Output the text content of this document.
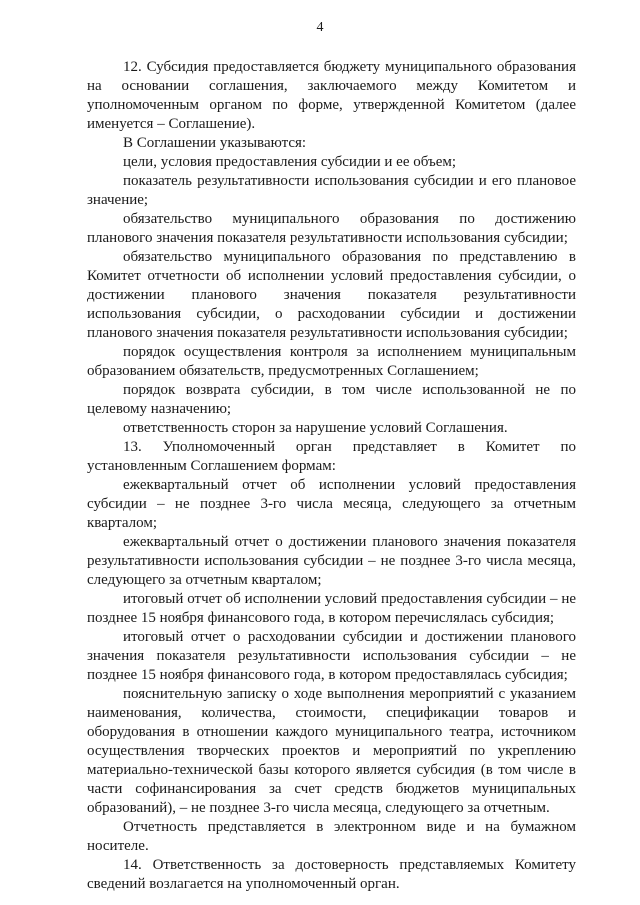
4

12. Субсидия предоставляется бюджету муниципального образования на основании соглашения, заключаемого между Комитетом и уполномоченным органом по форме, утвержденной Комитетом (далее именуется – Соглашение).

В Соглашении указываются:

цели, условия предоставления субсидии и ее объем;

показатель результативности использования субсидии и его плановое значение;

обязательство муниципального образования по достижению планового значения показателя результативности использования субсидии;

обязательство муниципального образования по представлению в Комитет отчетности об исполнении условий предоставления субсидии, о достижении планового значения показателя результативности использования субсидии, о расходовании субсидии и достижении планового значения показателя результативности использования субсидии;

порядок осуществления контроля за исполнением муниципальным образованием обязательств, предусмотренных Соглашением;

порядок возврата субсидии, в том числе использованной не по целевому назначению;

ответственность сторон за нарушение условий Соглашения.

13. Уполномоченный орган представляет в Комитет по установленным Соглашением формам:

ежеквартальный отчет об исполнении условий предоставления субсидии – не позднее 3-го числа месяца, следующего за отчетным кварталом;

ежеквартальный отчет о достижении планового значения показателя результативности использования субсидии – не позднее 3-го числа месяца, следующего за отчетным кварталом;

итоговый отчет об исполнении условий предоставления субсидии – не позднее 15 ноября финансового года, в котором перечислялась субсидия;

итоговый отчет о расходовании субсидии и достижении планового значения показателя результативности использования субсидии – не позднее 15 ноября финансового года, в котором предоставлялась субсидия;

пояснительную записку о ходе выполнения мероприятий с указанием наименования, количества, стоимости, спецификации товаров и оборудования в отношении каждого муниципального театра, источником осуществления творческих проектов и мероприятий по укреплению материально-технической базы которого является субсидия (в том числе в части софинансирования за счет средств бюджетов муниципальных образований), – не позднее 3-го числа месяца, следующего за отчетным.

Отчетность представляется в электронном виде и на бумажном носителе.

14. Ответственность за достоверность представляемых Комитету сведений возлагается на уполномоченный орган.
